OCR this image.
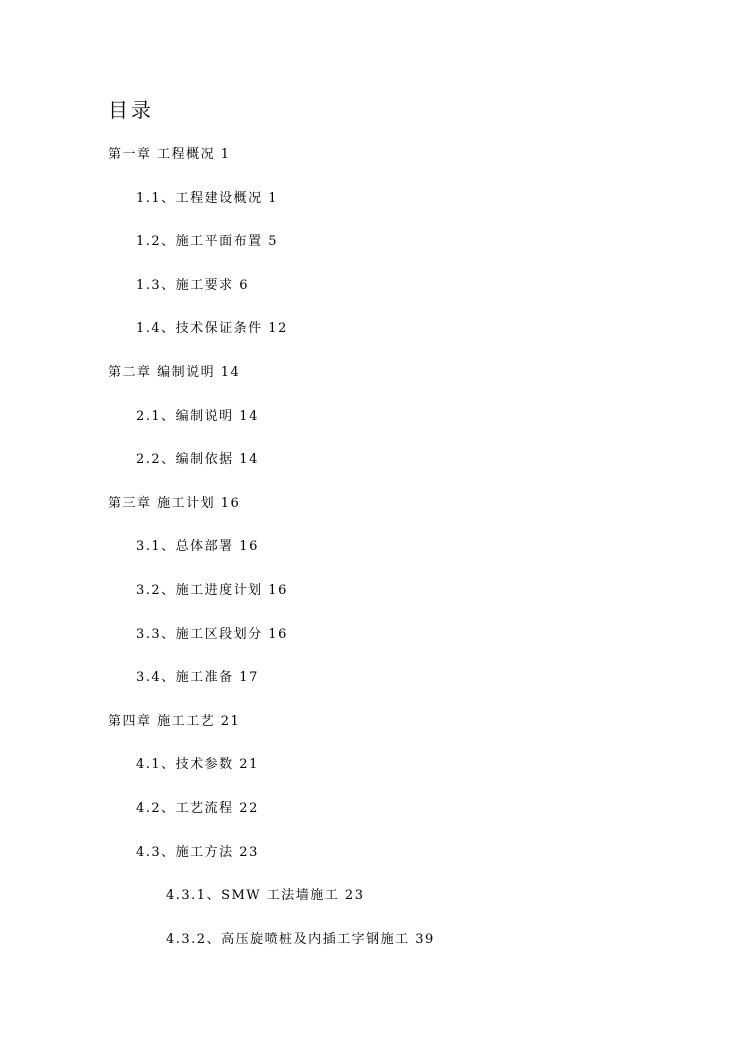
目录
第一章 工程概况 1
1.1、工程建设概况 1
1.2、施工平面布置 5
1.3、施工要求 6
1.4、技术保证条件 12
第二章 编制说明 14
2.1、编制说明 14
2.2、编制依据 14
第三章 施工计划 16
3.1、总体部署 16
3.2、施工进度计划 16
3.3、施工区段划分 16
3.4、施工准备 17
第四章 施工工艺 21
4.1、技术参数 21
4.2、工艺流程 22
4.3、施工方法 23
4.3.1、SMW 工法墙施工 23
4.3.2、高压旋喷桩及内插工字钢施工 39
